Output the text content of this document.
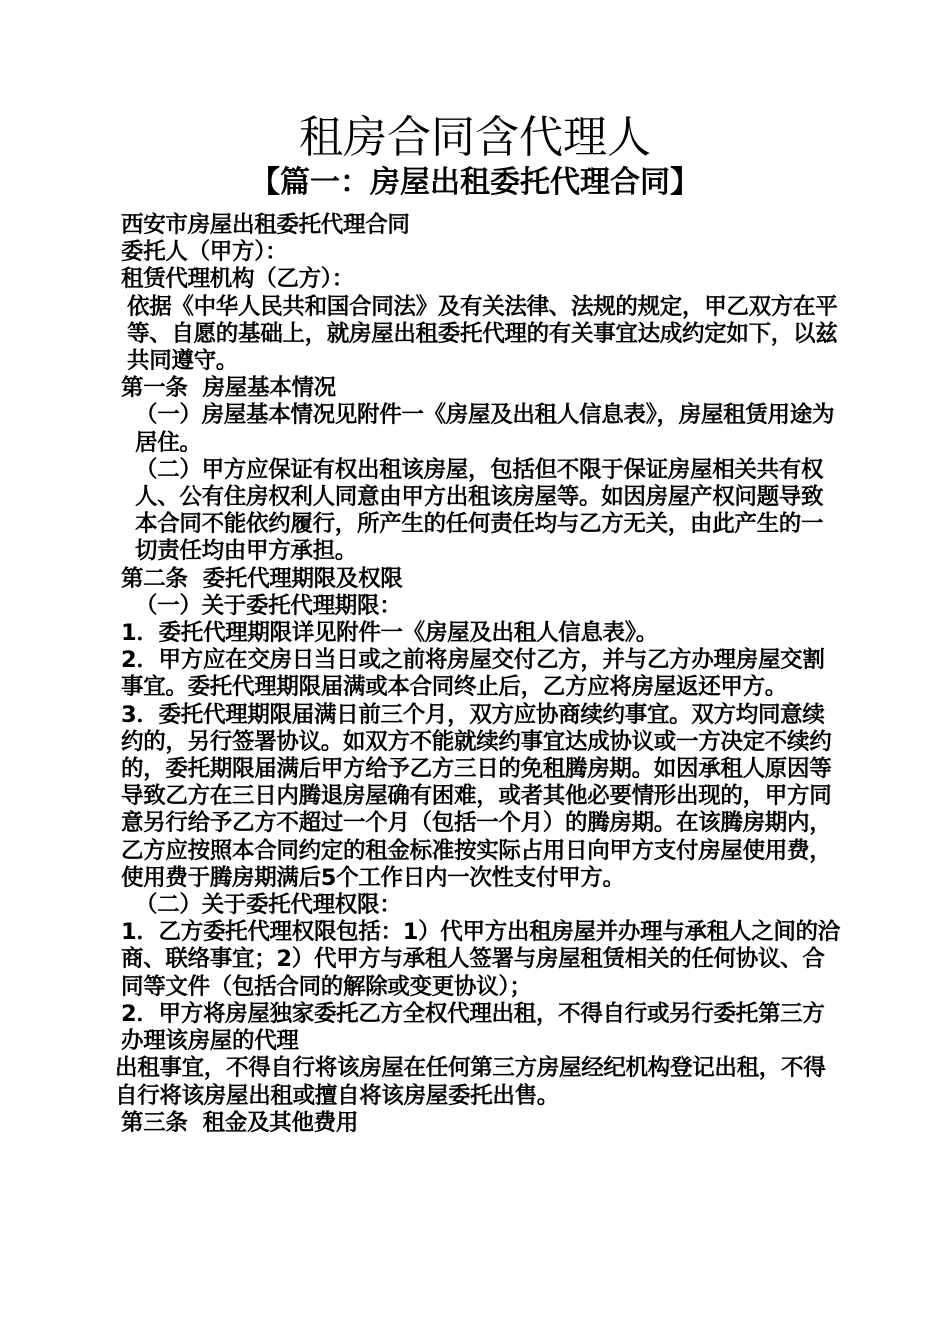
租房合同含代理人
【篇一：房屋出租委托代理合同】

西安市房屋出租委托代理合同

委托人（甲方）：

租赁代理机构（乙方）：

依据《中华人民共和国合同法》及有关法律、法规的规定，甲乙双方在平等、自愿的基础上，就房屋出租委托代理的有关事宜达成约定如下，以兹共同遵守。

第一条  房屋基本情况

（一）房屋基本情况见附件一《房屋及出租人信息表》，房屋租赁用途为居住。

（二）甲方应保证有权出租该房屋，包括但不限于保证房屋相关共有权人、公有住房权利人同意由甲方出租该房屋等。如因房屋产权问题导致本合同不能依约履行，所产生的任何责任均与乙方无关，由此产生的一切责任均由甲方承担。

第二条  委托代理期限及权限

（一）关于委托代理期限：

1．委托代理期限详见附件一《房屋及出租人信息表》。

2．甲方应在交房日当日或之前将房屋交付乙方，并与乙方办理房屋交割事宜。委托代理期限届满或本合同终止后，乙方应将房屋返还甲方。

3．委托代理期限届满日前三个月，双方应协商续约事宜。双方均同意续约的，另行签署协议。如双方不能就续约事宜达成协议或一方决定不续约的，委托期限届满后甲方给予乙方三日的免租腾房期。如因承租人原因等导致乙方在三日内腾退房屋确有困难，或者其他必要情形出现的，甲方同意另行给予乙方不超过一个月（包括一个月）的腾房期。在该腾房期内，乙方应按照本合同约定的租金标准按实际占用日向甲方支付房屋使用费，使用费于腾房期满后5个工作日内一次性支付甲方。

（二）关于委托代理权限：

1．乙方委托代理权限包括：1）代甲方出租房屋并办理与承租人之间的洽商、联络事宜；2）代甲方与承租人签署与房屋租赁相关的任何协议、合同等文件（包括合同的解除或变更协议）；

2．甲方将房屋独家委托乙方全权代理出租，不得自行或另行委托第三方办理该房屋的代理

出租事宜，不得自行将该房屋在任何第三方房屋经纪机构登记出租，不得自行将该房屋出租或擅自将该房屋委托出售。

第三条  租金及其他费用
